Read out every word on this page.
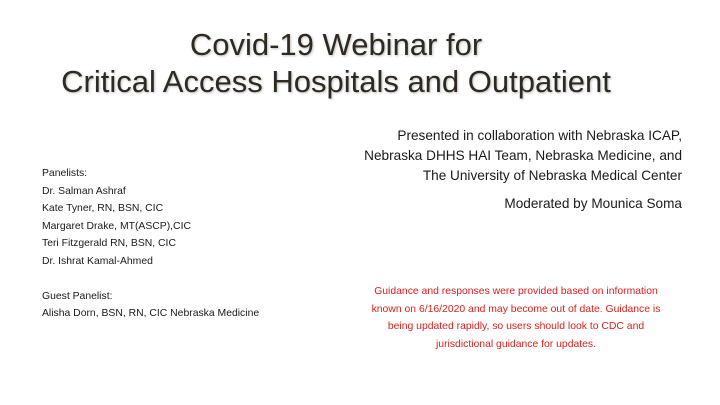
Covid-19 Webinar for
Critical Access Hospitals and Outpatient
Presented in collaboration with Nebraska ICAP,
Nebraska DHHS HAI Team, Nebraska Medicine, and
The University of Nebraska Medical Center
Moderated by Mounica Soma
Panelists:
Dr. Salman Ashraf
Kate Tyner, RN, BSN, CIC
Margaret Drake, MT(ASCP),CIC
Teri Fitzgerald RN, BSN, CIC
Dr. Ishrat Kamal-Ahmed
Guest Panelist:
Alisha Dorn, BSN, RN, CIC Nebraska Medicine
Guidance and responses were provided based on information
known on 6/16/2020 and may become out of date. Guidance is
being updated rapidly, so users should look to CDC and
jurisdictional guidance for updates.
